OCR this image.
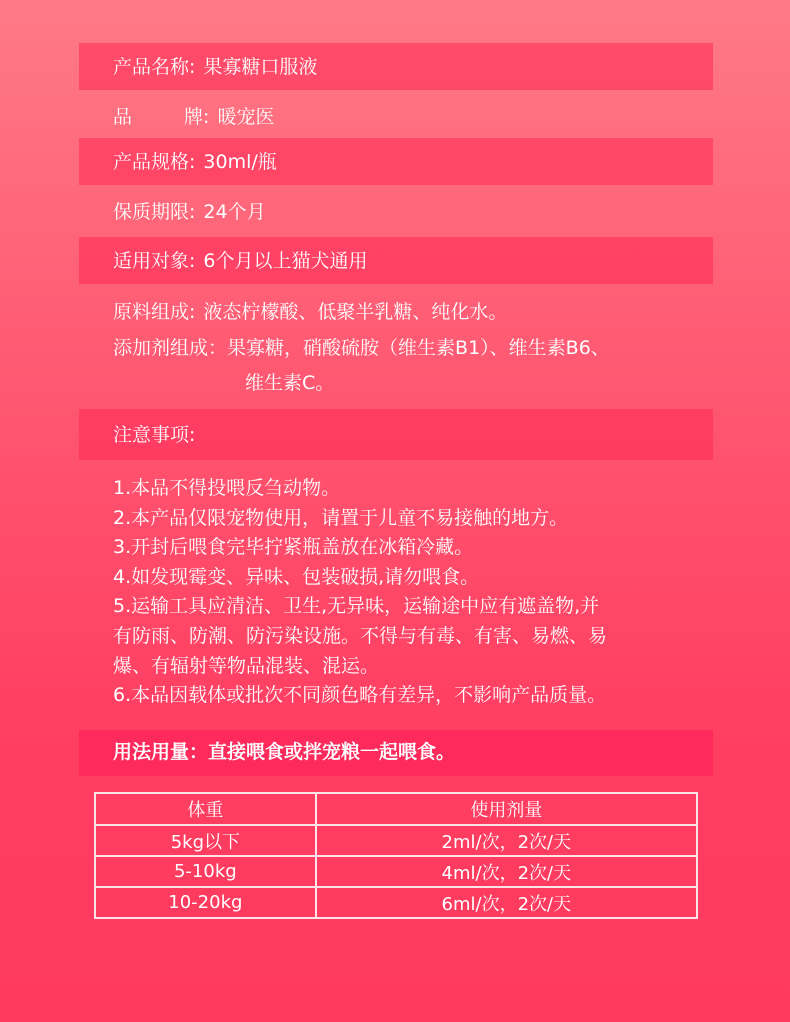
产品名称: 果寡糖口服液
品	牌: 暖宠医
产品规格: 30ml/瓶
保质期限: 24个月
适用对象: 6个月以上猫犬通用
原料组成: 液态柠檬酸、低聚半乳糖、纯化水。
添加剂组成：果寡糖，硝酸硫胺（维生素B1）、维生素B6、
维生素C。
注意事项:
1.本品不得投喂反刍动物。
2.本产品仅限宠物使用，请置于儿童不易接触的地方。
3.开封后喂食完毕拧紧瓶盖放在冰箱冷藏。
4.如发现霉变、异味、包装破损,请勿喂食。
5.运输工具应清洁、卫生,无异味，运输途中应有遮盖物,并
有防雨、防潮、防污染设施。不得与有毒、有害、易燃、易
爆、有辐射等物品混装、混运。
6.本品因载体或批次不同颜色略有差异，不影响产品质量。
用法用量：直接喂食或拌宠粮一起喂食。
体重	使用剂量
5kg以下	2ml/次，2次/天
5-10kg	4ml/次，2次/天
10-20kg	6ml/次，2次/天
